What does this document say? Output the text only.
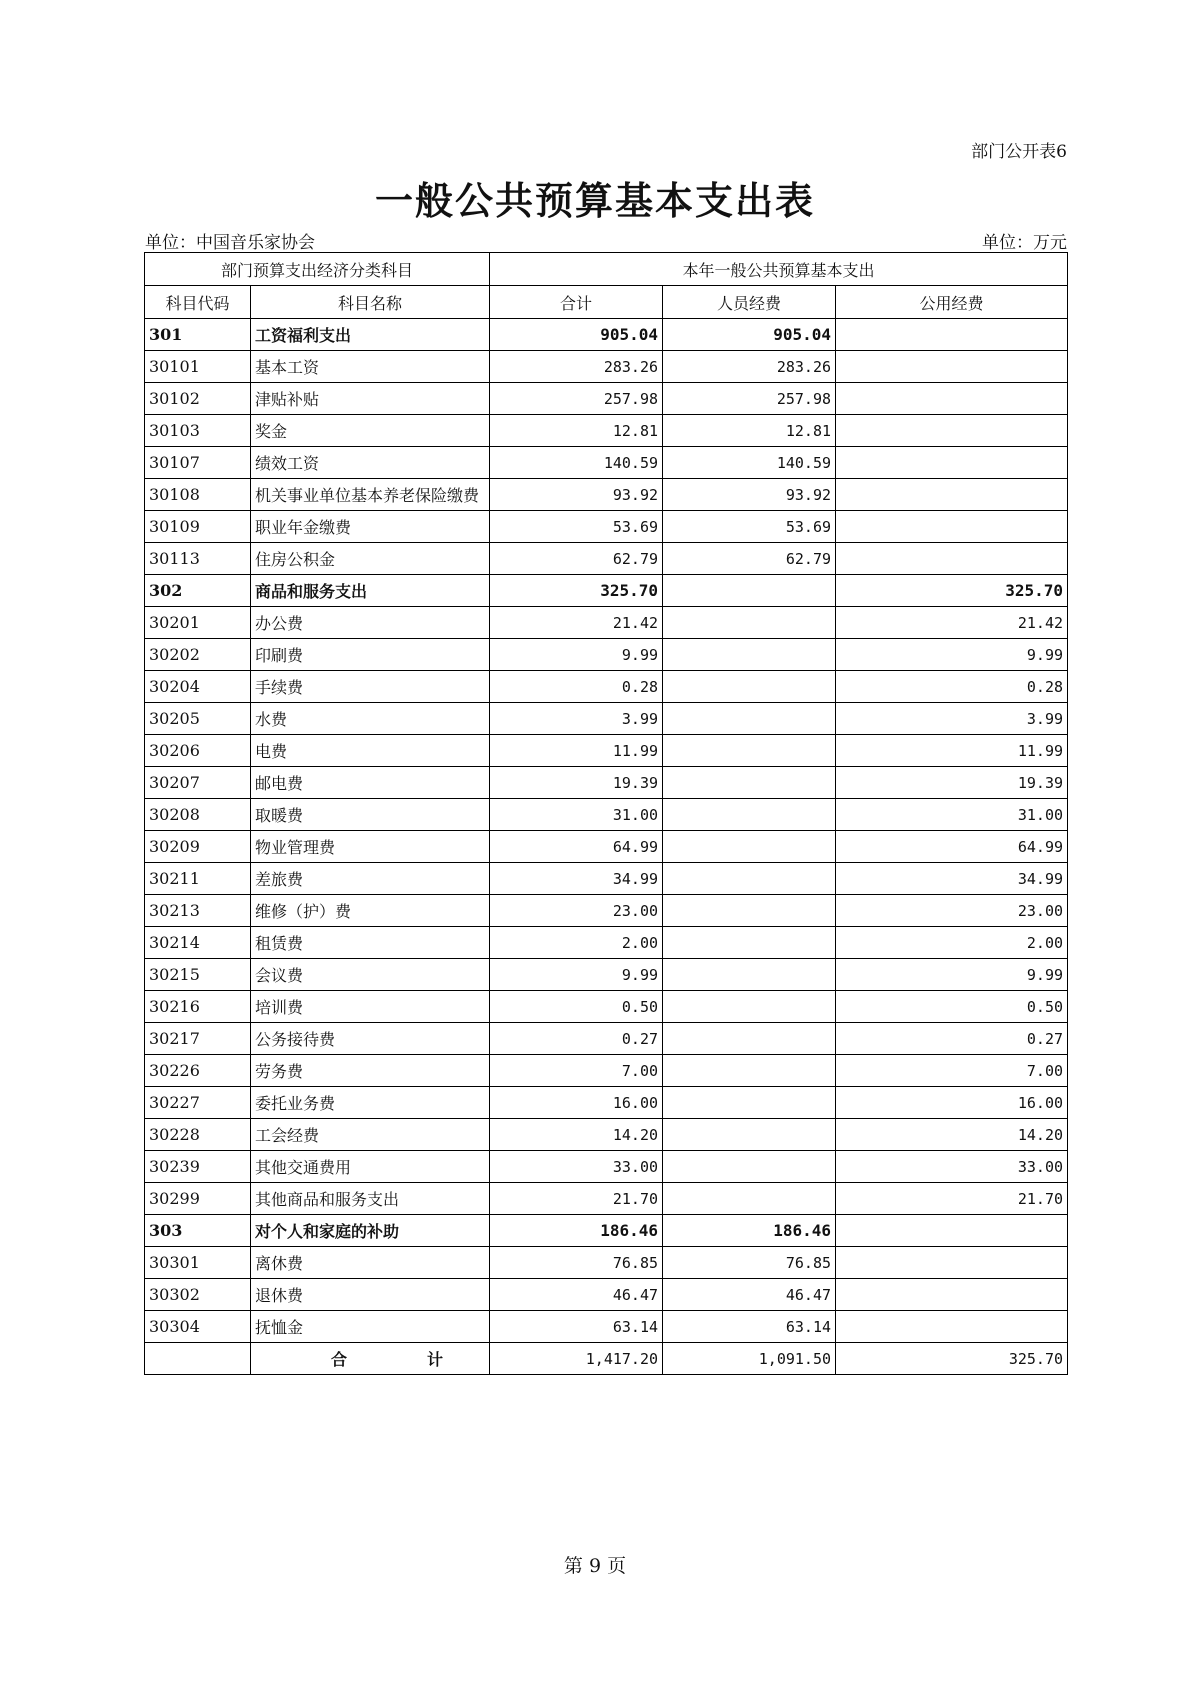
部门公开表6
一般公共预算基本支出表
单位：中国音乐家协会	单位：万元
部门预算支出经济分类科目		本年一般公共预算基本支出		
科目代码	科目名称	合计	人员经费	公用经费
301	工资福利支出	905.04	905.04	
30101	基本工资	283.26	283.26	
30102	津贴补贴	257.98	257.98	
30103	奖金	12.81	12.81	
30107	绩效工资	140.59	140.59	
30108	机关事业单位基本养老保险缴费	93.92	93.92	
30109	职业年金缴费	53.69	53.69	
30113	住房公积金	62.79	62.79	
302	商品和服务支出	325.70		325.70
30201	办公费	21.42		21.42
30202	印刷费	9.99		9.99
30204	手续费	0.28		0.28
30205	水费	3.99		3.99
30206	电费	11.99		11.99
30207	邮电费	19.39		19.39
30208	取暖费	31.00		31.00
30209	物业管理费	64.99		64.99
30211	差旅费	34.99		34.99
30213	维修（护）费	23.00		23.00
30214	租赁费	2.00		2.00
30215	会议费	9.99		9.99
30216	培训费	0.50		0.50
30217	公务接待费	0.27		0.27
30226	劳务费	7.00		7.00
30227	委托业务费	16.00		16.00
30228	工会经费	14.20		14.20
30239	其他交通费用	33.00		33.00
30299	其他商品和服务支出	21.70		21.70
303	对个人和家庭的补助	186.46	186.46	
30301	离休费	76.85	76.85	
30302	退休费	46.47	46.47	
30304	抚恤金	63.14	63.14	
	合计	1,417.20	1,091.50	325.70
第 9 页
